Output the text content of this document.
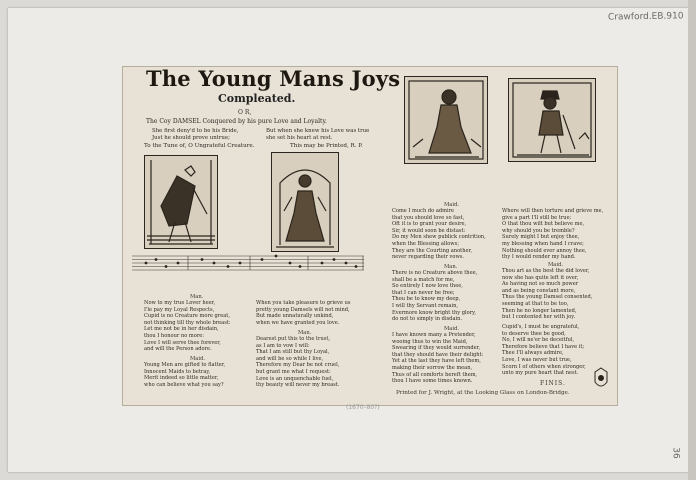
Crawford.EB.910
36
The Young Mans Joys
Compleated.
O R,
The Coy DAMSEL Conquered by his pure Love and Loyalty.
She first deny'd to be his Bride,
Just he should prove untrue;
But when she knew his Love was true
she set his heart at rest.
To the Tune of, O Ungrateful Creature.	This may be Printed, R. P.
Man.
Now to my true Lover heer,
I'le pay my Loyal Respects,
Cupid is no Creature more great,
not thinking till thy whole breast:
Let me not be in her disdain,
thou I honour no more:
Love I will serve thee forever,
and will the Person adore.
Maid.
Young Men are gifted to flatter,
Innocent Maids to betray,
Merit indeed so little matter,
who can believe what you say?
When you take pleasure to grieve us
pretty young Damsels will not mind,
But made unnaturally unkind,
when we have granted you love.
Man.
Dearest put this to the trust,
as I am to vow I will:
That I am still but thy Loyal,
and will be so while I live,
Therefore my Dear be not cruel,
but grant me what I request:
Love is an unquenchable fuel,
thy beauty will never my breast.
Maid.
Come I much do admire
that you should love so fast,
Oft it is to grant your desire,
Sir, it would soon be distast:
Do my Men shew publick contrition,
when the Blessing allows;
They are the Courting another,
never regarding their vows.
Man.
There is no Creature above thee,
shall be a match for me,
So entirely I now love thee,
that I can never be free;
Thou be to know my deep,
I will thy Servant remain,
Evermore know bright thy glory,
do not to simply in disdain.
Maid.
I have known many a Pretender,
wooing thus to win the Maid,
Swearing if they would surrender,
that they should have their delight:
Yet at the last they have left them,
making their sorrow the mean,
Thus of all comforts bereft them,
thou I have some times known.
Where will then torture and grieve me,
give a part I'll still be true:
O that thou wilt but believe me,
why should you be tremble?
Surely might I but enjoy thee,
my blessing when hand I crave;
Nothing should ever annoy thee,
thy I would render my hand.
Maid.
Thou art as the best the did lover,
now she has quite left it over,
As having not so much power
and as being constant more,
Thus the young Damsel consented,
seeming at that to be too,
Then he no longer lamented,
but I contented her with joy.
Cupid's, I must be ungrateful,
to deserve thee be good,
No, I will ne'er be deceitful,
Therefore believe that I have it;
Thee I'll always admire,
Love, I was never but true,
Scorn I of others when stronger,
unto my pure heart that nest.
FINIS.
Printed for J. Wright, at the Looking Glass on London-Bridge.
(1670–80?)
